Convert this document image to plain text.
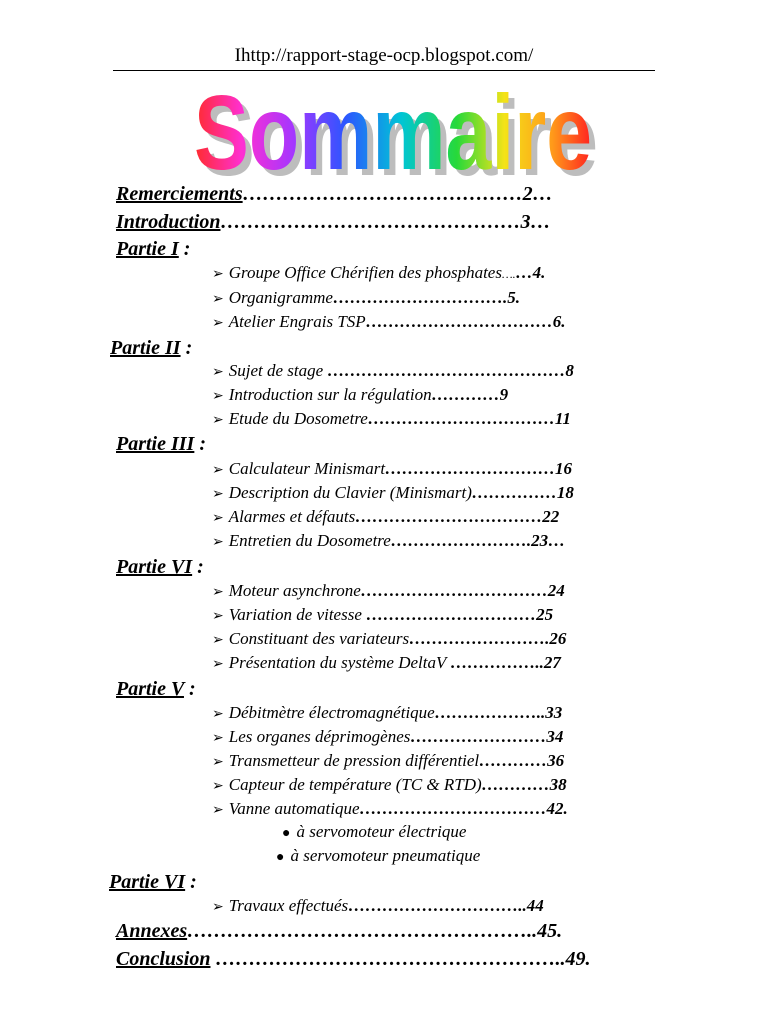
Ihttp://rapport-stage-ocp.blogspot.com/
Sommaire
Sommaire
Remerciements……………………………………2…
Introduction………………………………………3…
Partie I :
➢ Groupe Office Chérifien des phosphates….…4.
➢ Organigramme………………………….5.
➢ Atelier Engrais TSP……………………………6.
Partie II :
➢ Sujet de stage ……………………………………8
➢ Introduction sur la régulation…………9
➢ Etude du Dosometre……………………………11
Partie III :
➢ Calculateur Minismart…………………………16
➢ Description du Clavier (Minismart)……………18
➢ Alarmes et défauts……………………………22
➢ Entretien du Dosometre…………………….23…
Partie VI :
➢ Moteur asynchrone……………………………24
➢ Variation de vitesse …………………………25
➢ Constituant des variateurs…………………….26
➢ Présentation du système DeltaV ……………..27
Partie V :
➢ Débitmètre électromagnétique………………..33
➢ Les organes déprimogènes……………………34
➢ Transmetteur de pression différentiel…………36
➢ Capteur de température (TC & RTD)…………38
➢ Vanne automatique……………………………42.
● à servomoteur électrique
● à servomoteur pneumatique
Partie VI :
➢ Travaux effectués…………………………..44
Annexes……………………………………………..45.
Conclusion ……………………………………………..49.
